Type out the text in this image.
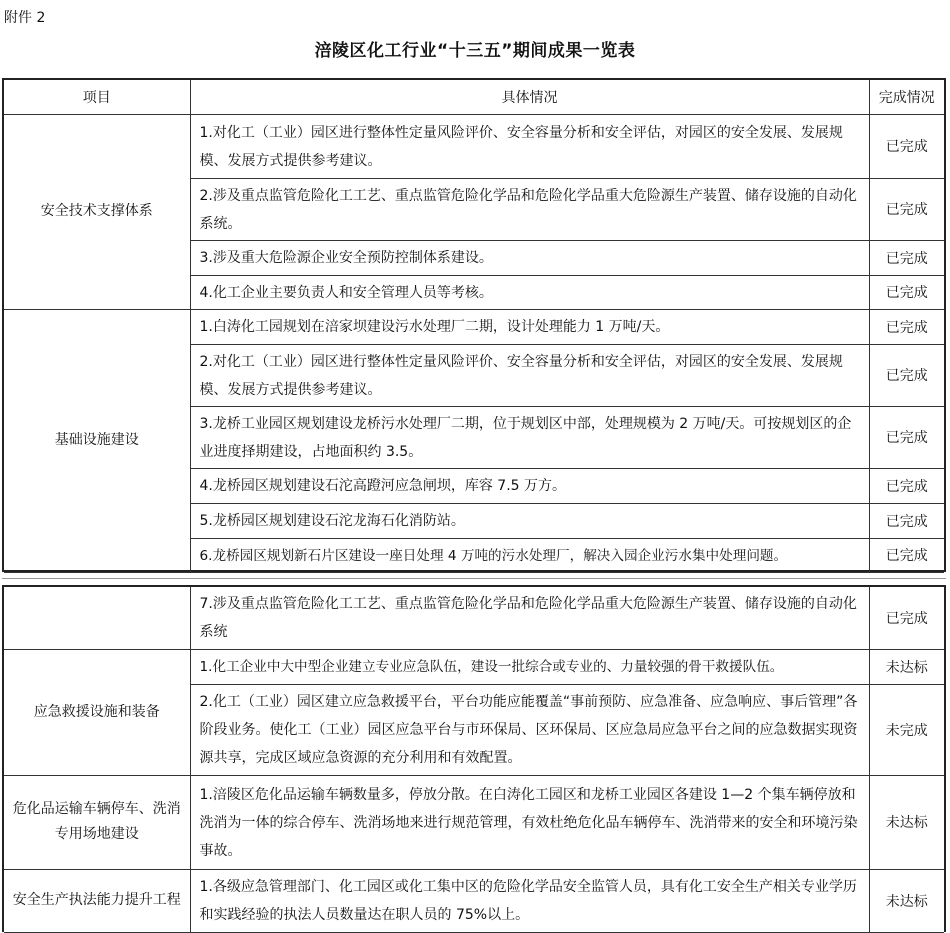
附件 2
涪陵区化工行业“十三五”期间成果一览表
项目	具体情况	完成情况
安全技术支撑体系	1.对化工（工业）园区进行整体性定量风险评价、安全容量分析和安全评估，对园区的安全发展、发展规模、发展方式提供参考建议。	已完成
	2.涉及重点监管危险化工工艺、重点监管危险化学品和危险化学品重大危险源生产装置、储存设施的自动化系统。	已完成
	3.涉及重大危险源企业安全预防控制体系建设。	已完成
	4.化工企业主要负责人和安全管理人员等考核。	已完成
基础设施建设	1.白涛化工园规划在涪家坝建设污水处理厂二期，设计处理能力 1 万吨/天。	已完成
	2.对化工（工业）园区进行整体性定量风险评价、安全容量分析和安全评估，对园区的安全发展、发展规模、发展方式提供参考建议。	已完成
	3.龙桥工业园区规划建设龙桥污水处理厂二期，位于规划区中部，处理规模为 2 万吨/天。可按规划区的企业进度择期建设，占地面积约 3.5。	已完成
	4.龙桥园区规划建设石沱高蹬河应急闸坝，库容 7.5 万方。	已完成
	5.龙桥园区规划建设石沱龙海石化消防站。	已完成
	6.龙桥园区规划新石片区建设一座日处理 4 万吨的污水处理厂，解决入园企业污水集中处理问题。	已完成
	7.涉及重点监管危险化工工艺、重点监管危险化学品和危险化学品重大危险源生产装置、储存设施的自动化系统	已完成
应急救援设施和装备	1.化工企业中大中型企业建立专业应急队伍，建设一批综合或专业的、力量较强的骨干救援队伍。	未达标
	2.化工（工业）园区建立应急救援平台，平台功能应能覆盖“事前预防、应急准备、应急响应、事后管理”各阶段业务。使化工（工业）园区应急平台与市环保局、区环保局、区应急局应急平台之间的应急数据实现资源共享，完成区域应急资源的充分利用和有效配置。	未完成
危化品运输车辆停车、洗消专用场地建设	1.涪陵区危化品运输车辆数量多，停放分散。在白涛化工园区和龙桥工业园区各建设 1—2 个集车辆停放和洗消为一体的综合停车、洗消场地来进行规范管理，有效杜绝危化品车辆停车、洗消带来的安全和环境污染事故。	未达标
安全生产执法能力提升工程	1.各级应急管理部门、化工园区或化工集中区的危险化学品安全监管人员，具有化工安全生产相关专业学历和实践经验的执法人员数量达在职人员的 75%以上。	未达标
